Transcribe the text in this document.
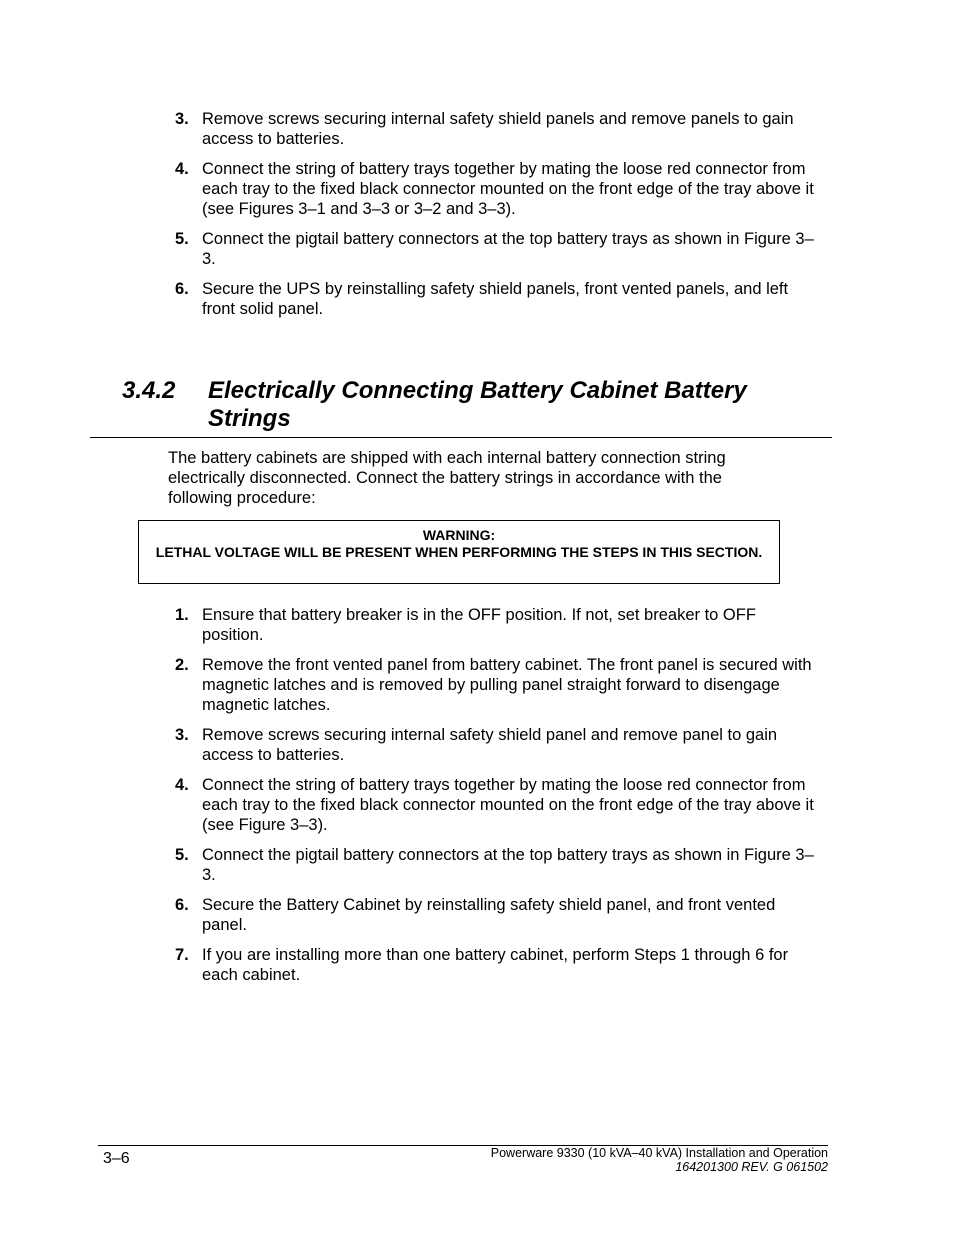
3. Remove screws securing internal safety shield panels and remove panels to gain access to batteries.
4. Connect the string of battery trays together by mating the loose red connector from each tray to the fixed black connector mounted on the front edge of the tray above it (see Figures 3–1 and 3–3 or 3–2 and 3–3).
5. Connect the pigtail battery connectors at the top battery trays as shown in Figure 3–3.
6. Secure the UPS by reinstalling safety shield panels, front vented panels, and left front solid panel.
3.4.2	Electrically Connecting Battery Cabinet Battery Strings

The battery cabinets are shipped with each internal battery connection string electrically disconnected. Connect the battery strings in accordance with the following procedure:

WARNING:
LETHAL VOLTAGE WILL BE PRESENT WHEN PERFORMING THE STEPS IN THIS SECTION.
1. Ensure that battery breaker is in the OFF position. If not, set breaker to OFF position.
2. Remove the front vented panel from battery cabinet. The front panel is secured with magnetic latches and is removed by pulling panel straight forward to disengage magnetic latches.
3. Remove screws securing internal safety shield panel and remove panel to gain access to batteries.
4. Connect the string of battery trays together by mating the loose red connector from each tray to the fixed black connector mounted on the front edge of the tray above it (see Figure 3–3).
5. Connect the pigtail battery connectors at the top battery trays as shown in Figure 3–3.
6. Secure the Battery Cabinet by reinstalling safety shield panel, and front vented panel.
7. If you are installing more than one battery cabinet, perform Steps 1 through 6 for each cabinet.
3–6	Powerware 9330 (10 kVA–40 kVA) Installation and Operation
164201300 REV. G 061502
